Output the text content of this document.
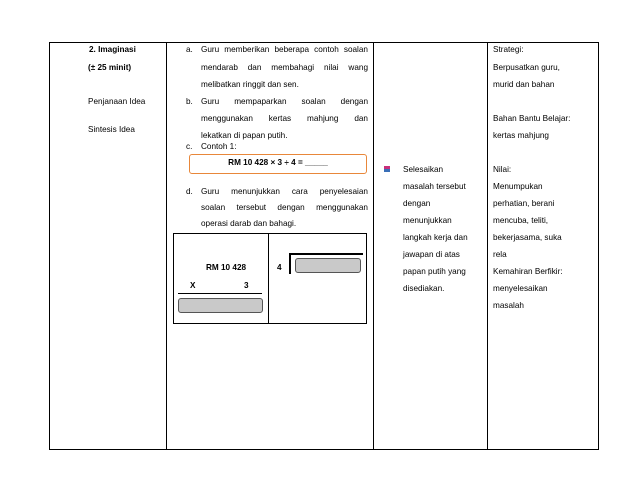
2. Imaginasi
(± 25 minit)
Penjanaan Idea
Sintesis Idea
a. Guru memberikan beberapa contoh soalan
mendarab dan membahagi nilai wang
melibatkan ringgit dan sen.
b. Guru mempaparkan soalan dengan
menggunakan kertas mahjung dan
lekatkan di papan putih.
c. Contoh 1:
RM 10 428 × 3 ÷ 4 = _____
d. Guru menunjukkan cara penyelesaian
soalan tersebut dengan menggunakan
operasi darab dan bahagi.
RM 10 428
X	3
4
Selesaikan
masalah tersebut
dengan
menunjukkan
langkah kerja dan
jawapan di atas
papan putih yang
disediakan.
Strategi:
Berpusatkan guru,
murid dan bahan
Bahan Bantu Belajar:
kertas mahjung
Nilai:
Menumpukan
perhatian, berani
mencuba, teliti,
bekerjasama, suka
rela
Kemahiran Berfikir:
menyelesaikan
masalah
